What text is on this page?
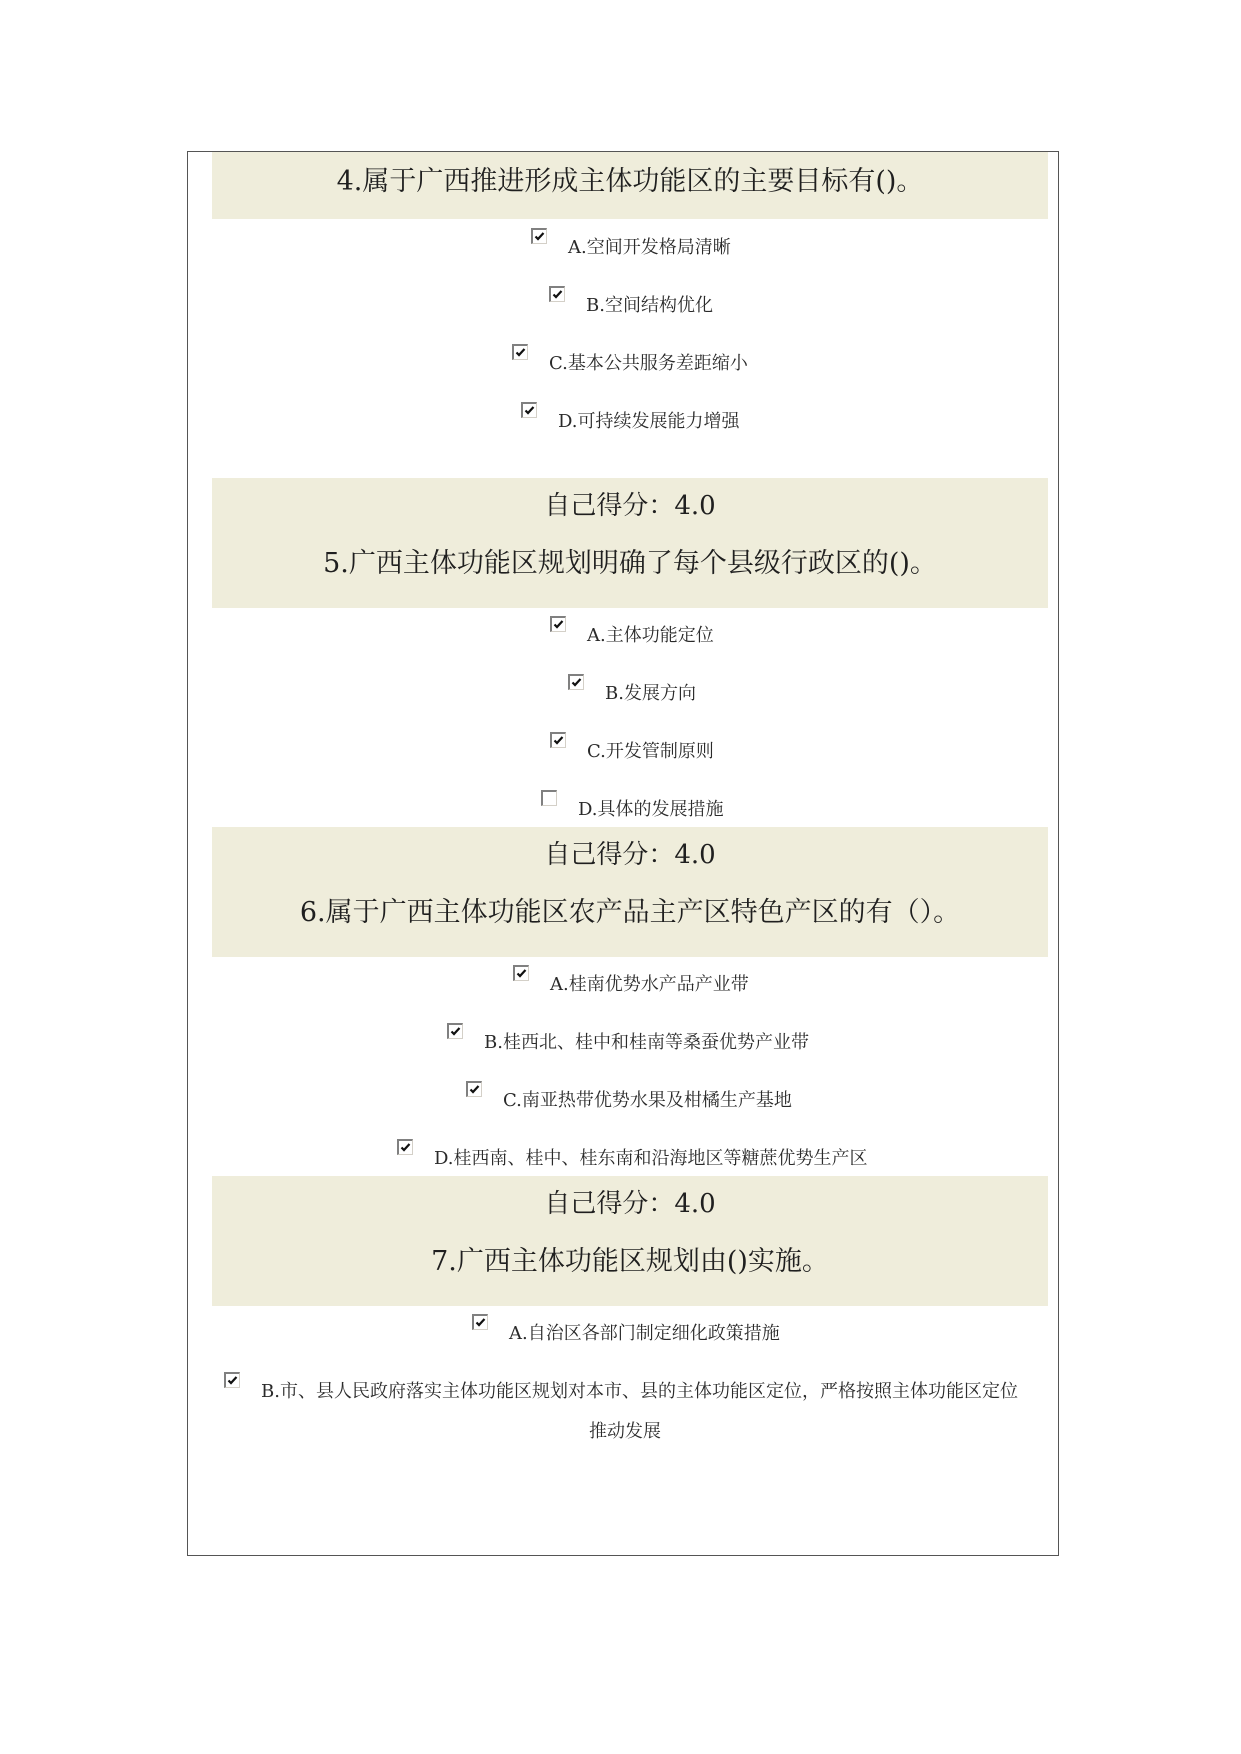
4.属于广西推进形成主体功能区的主要目标有()。
A.空间开发格局清晰
B.空间结构优化
C.基本公共服务差距缩小
D.可持续发展能力增强
自己得分：4.0
5.广西主体功能区规划明确了每个县级行政区的()。
A.主体功能定位
B.发展方向
C.开发管制原则
D.具体的发展措施
自己得分：4.0
6.属于广西主体功能区农产品主产区特色产区的有（）。
A.桂南优势水产品产业带
B.桂西北、桂中和桂南等桑蚕优势产业带
C.南亚热带优势水果及柑橘生产基地
D.桂西南、桂中、桂东南和沿海地区等糖蔗优势生产区
自己得分：4.0
7.广西主体功能区规划由()实施。
A.自治区各部门制定细化政策措施
B.市、县人民政府落实主体功能区规划对本市、县的主体功能区定位，严格按照主体功能区定位
推动发展
